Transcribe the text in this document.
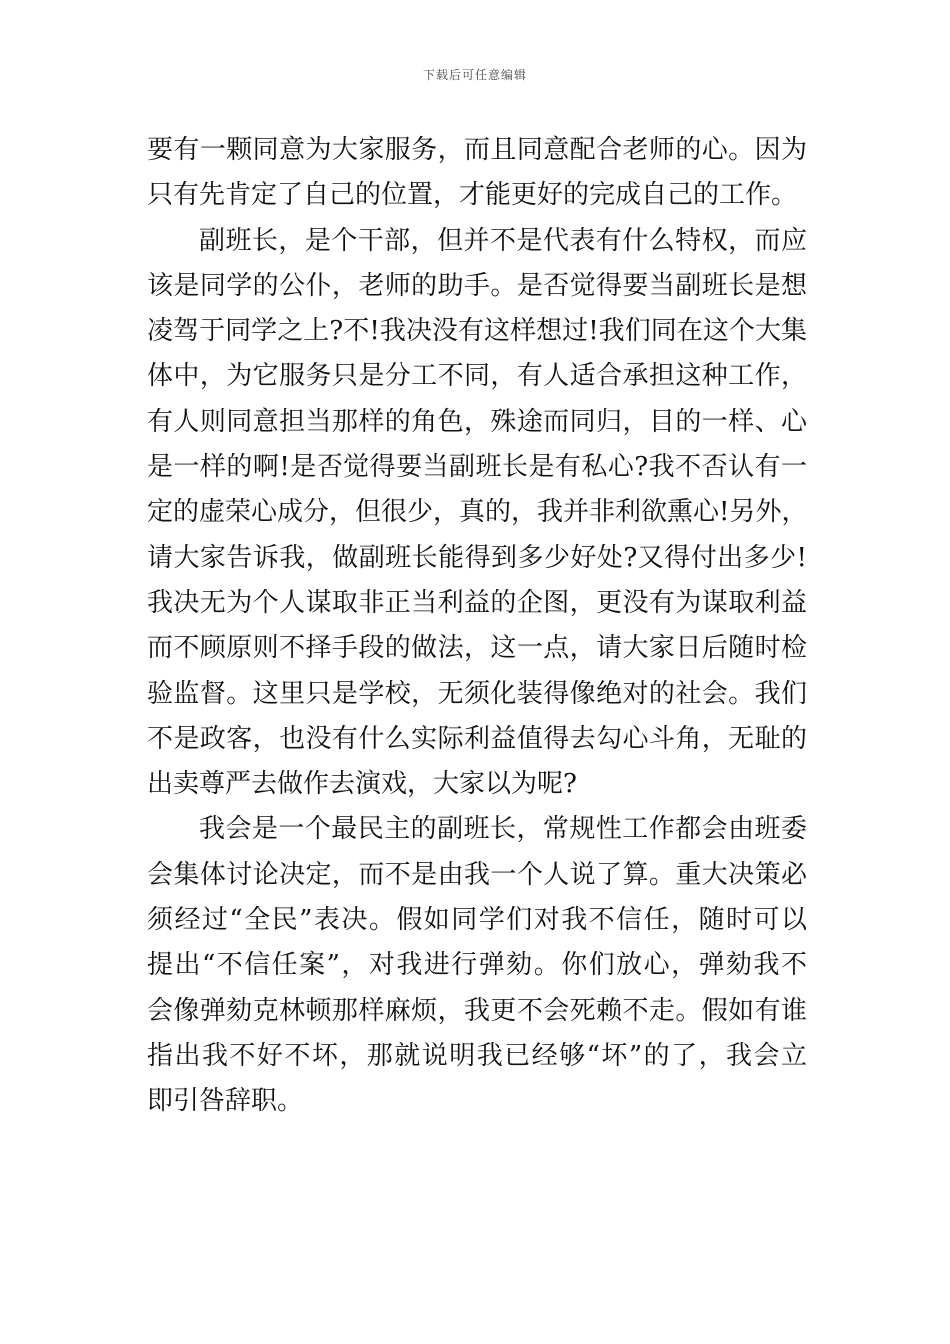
下载后可任意编辑
要有一颗同意为大家服务，而且同意配合老师的心。因为
只有先肯定了自己的位置，才能更好的完成自己的工作。
副班长，是个干部，但并不是代表有什么特权，而应
该是同学的公仆，老师的助手。是否觉得要当副班长是想
凌驾于同学之上?不!我决没有这样想过!我们同在这个大集
体中，为它服务只是分工不同，有人适合承担这种工作，
有人则同意担当那样的角色，殊途而同归，目的一样、心
是一样的啊!是否觉得要当副班长是有私心?我不否认有一
定的虚荣心成分，但很少，真的，我并非利欲熏心!另外，
请大家告诉我，做副班长能得到多少好处?又得付出多少!
我决无为个人谋取非正当利益的企图，更没有为谋取利益
而不顾原则不择手段的做法，这一点，请大家日后随时检
验监督。这里只是学校，无须化装得像绝对的社会。我们
不是政客，也没有什么实际利益值得去勾心斗角，无耻的
出卖尊严去做作去演戏，大家以为呢?
我会是一个最民主的副班长，常规性工作都会由班委
会集体讨论决定，而不是由我一个人说了算。重大决策必
须经过“全民”表决。假如同学们对我不信任，随时可以
提出“不信任案”，对我进行弹劾。你们放心，弹劾我不
会像弹劾克林顿那样麻烦，我更不会死赖不走。假如有谁
指出我不好不坏，那就说明我已经够“坏”的了，我会立
即引咎辞职。
